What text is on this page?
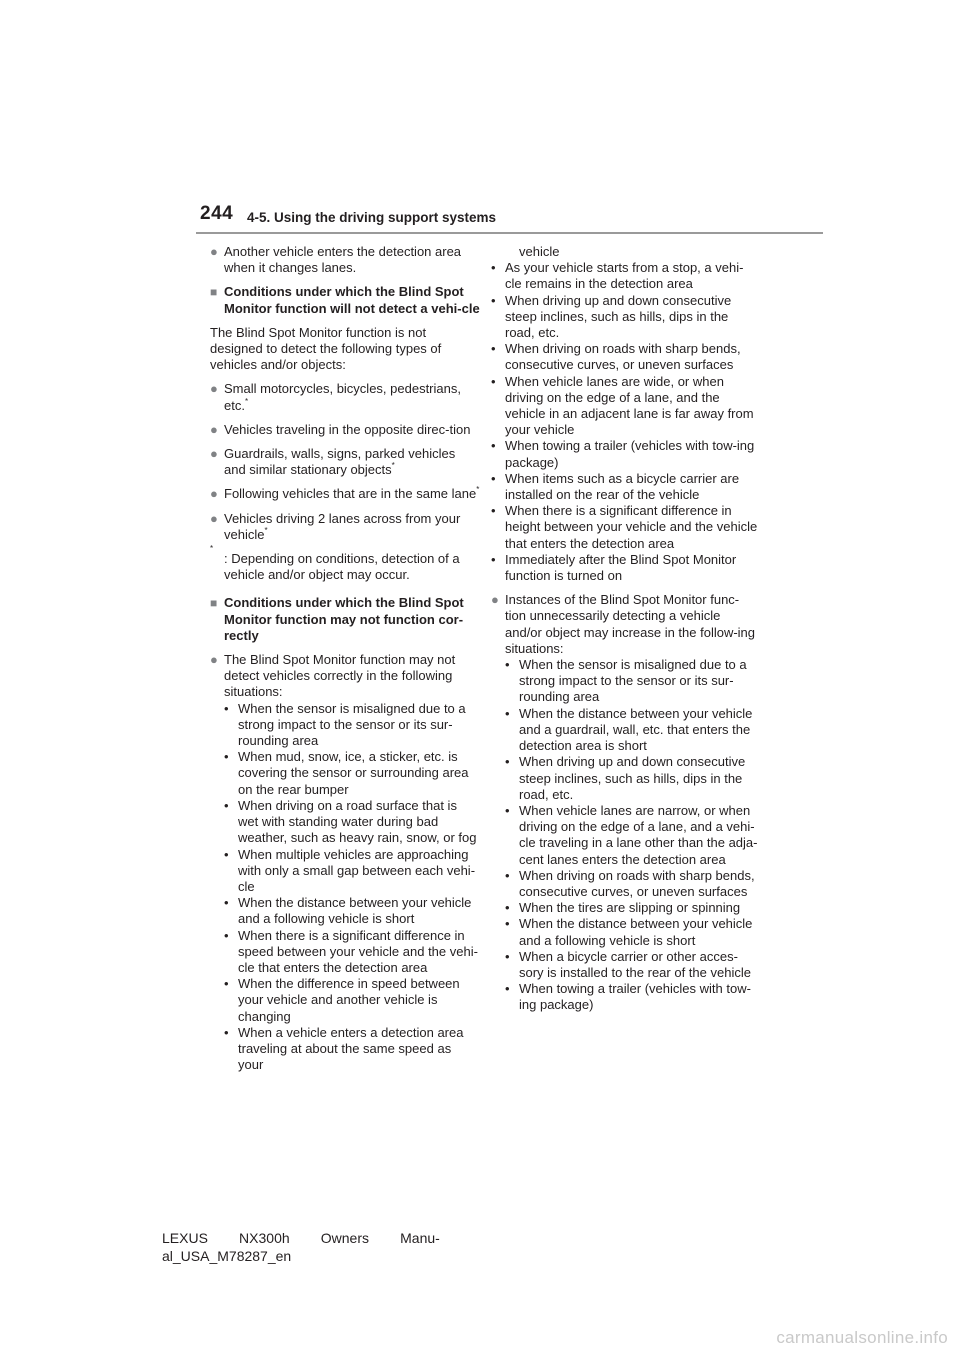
244 4-5. Using the driving support systems
● Another vehicle enters the detection area when it changes lanes.
■ Conditions under which the Blind Spot Monitor function will not detect a vehi-cle

The Blind Spot Monitor function is not designed to detect the following types of vehicles and/or objects:

● Small motorcycles, bicycles, pedestrians, etc.*
● Vehicles traveling in the opposite direc-tion
● Guardrails, walls, signs, parked vehicles and similar stationary objects*
● Following vehicles that are in the same lane*
● Vehicles driving 2 lanes across from your vehicle*
*
: Depending on conditions, detection of a vehicle and/or object may occur.
■ Conditions under which the Blind Spot Monitor function may not function cor-rectly
● The Blind Spot Monitor function may not detect vehicles correctly in the following situations:
• When the sensor is misaligned due to a strong impact to the sensor or its sur-rounding area
• When mud, snow, ice, a sticker, etc. is covering the sensor or surrounding area on the rear bumper
• When driving on a road surface that is wet with standing water during bad weather, such as heavy rain, snow, or fog
• When multiple vehicles are approaching with only a small gap between each vehi-cle
• When the distance between your vehicle and a following vehicle is short
• When there is a significant difference in speed between your vehicle and the vehi-cle that enters the detection area
• When the difference in speed between your vehicle and another vehicle is changing
• When a vehicle enters a detection area traveling at about the same speed as your
vehicle
• As your vehicle starts from a stop, a vehi-cle remains in the detection area
• When driving up and down consecutive steep inclines, such as hills, dips in the road, etc.
• When driving on roads with sharp bends, consecutive curves, or uneven surfaces
• When vehicle lanes are wide, or when driving on the edge of a lane, and the vehicle in an adjacent lane is far away from your vehicle
• When towing a trailer (vehicles with tow-ing package)
• When items such as a bicycle carrier are installed on the rear of the vehicle
• When there is a significant difference in height between your vehicle and the vehicle that enters the detection area
• Immediately after the Blind Spot Monitor function is turned on
● Instances of the Blind Spot Monitor func-tion unnecessarily detecting a vehicle and/or object may increase in the follow-ing situations:
• When the sensor is misaligned due to a strong impact to the sensor or its sur-rounding area
• When the distance between your vehicle and a guardrail, wall, etc. that enters the detection area is short
• When driving up and down consecutive steep inclines, such as hills, dips in the road, etc.
• When vehicle lanes are narrow, or when driving on the edge of a lane, and a vehi-cle traveling in a lane other than the adja-cent lanes enters the detection area
• When driving on roads with sharp bends, consecutive curves, or uneven surfaces
• When the tires are slipping or spinning
• When the distance between your vehicle and a following vehicle is short
• When a bicycle carrier or other acces-sory is installed to the rear of the vehicle
• When towing a trailer (vehicles with tow-ing package)
LEXUS NX300h Owners Manu-
al_USA_M78287_en
carmanualsonline.info
